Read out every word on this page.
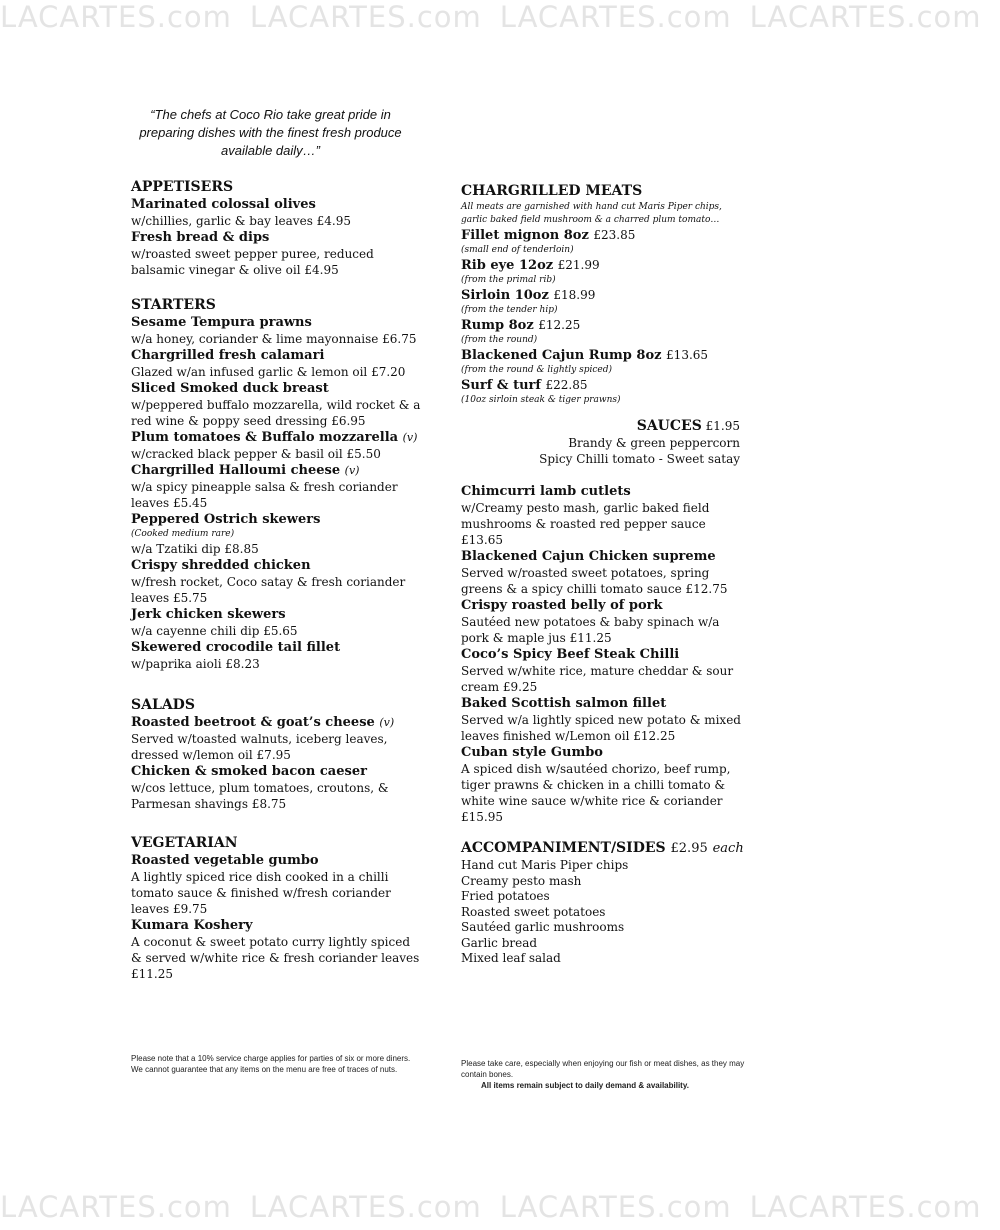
LACARTES.com LACARTES.com LACARTES.com LACARTES.com
“The chefs at Coco Rio take great pride in preparing dishes with the finest fresh produce available daily…”
APPETISERS
Marinated colossal olives
w/chillies, garlic & bay leaves £4.95
Fresh bread & dips
w/roasted sweet pepper puree, reduced balsamic vinegar & olive oil £4.95
STARTERS
Sesame Tempura prawns
w/a honey, coriander & lime mayonnaise £6.75
Chargrilled fresh calamari
Glazed w/an infused garlic & lemon oil £7.20
Sliced Smoked duck breast
w/peppered buffalo mozzarella, wild rocket & a red wine & poppy seed dressing £6.95
Plum tomatoes & Buffalo mozzarella (v)
w/cracked black pepper & basil oil £5.50
Chargrilled Halloumi cheese (v)
w/a spicy pineapple salsa & fresh coriander leaves £5.45
Peppered Ostrich skewers
(Cooked medium rare)
w/a Tzatiki dip £8.85
Crispy shredded chicken
w/fresh rocket, Coco satay & fresh coriander leaves £5.75
Jerk chicken skewers
w/a cayenne chili dip £5.65
Skewered crocodile tail fillet
w/paprika aioli £8.23
SALADS
Roasted beetroot & goat’s cheese (v)
Served w/toasted walnuts, iceberg leaves, dressed w/lemon oil £7.95
Chicken & smoked bacon caeser
w/cos lettuce, plum tomatoes, croutons, & Parmesan shavings £8.75
VEGETARIAN
Roasted vegetable gumbo
A lightly spiced rice dish cooked in a chilli tomato sauce & finished w/fresh coriander leaves £9.75
Kumara Koshery
A coconut & sweet potato curry lightly spiced & served w/white rice & fresh coriander leaves £11.25
CHARGRILLED MEATS
All meats are garnished with hand cut Maris Piper chips, garlic baked field mushroom & a charred plum tomato…
Fillet mignon 8oz £23.85
(small end of tenderloin)
Rib eye 12oz £21.99
(from the primal rib)
Sirloin 10oz £18.99
(from the tender hip)
Rump 8oz £12.25
(from the round)
Blackened Cajun Rump 8oz £13.65
(from the round & lightly spiced)
Surf & turf £22.85
(10oz sirloin steak & tiger prawns)
SAUCES £1.95
Brandy & green peppercorn
Spicy Chilli tomato - Sweet satay
Chimcurri lamb cutlets
w/Creamy pesto mash, garlic baked field mushrooms & roasted red pepper sauce £13.65
Blackened Cajun Chicken supreme
Served w/roasted sweet potatoes, spring greens & a spicy chilli tomato sauce £12.75
Crispy roasted belly of pork
Sautéed new potatoes & baby spinach w/a pork & maple jus £11.25
Coco’s Spicy Beef Steak Chilli
Served w/white rice, mature cheddar & sour cream £9.25
Baked Scottish salmon fillet
Served w/a lightly spiced new potato & mixed leaves finished w/Lemon oil £12.25
Cuban style Gumbo
A spiced dish w/sautéed chorizo, beef rump, tiger prawns & chicken in a chilli tomato & white wine sauce w/white rice & coriander £15.95
ACCOMPANIMENT/SIDES £2.95 each
Hand cut Maris Piper chips
Creamy pesto mash
Fried potatoes
Roasted sweet potatoes
Sautéed garlic mushrooms
Garlic bread
Mixed leaf salad
Please note that a 10% service charge applies for parties of six or more diners. We cannot guarantee that any items on the menu are free of traces of nuts.
Please take care, especially when enjoying our fish or meat dishes, as they may contain bones.
All items remain subject to daily demand & availability.
LACARTES.com LACARTES.com LACARTES.com LACARTES.com
